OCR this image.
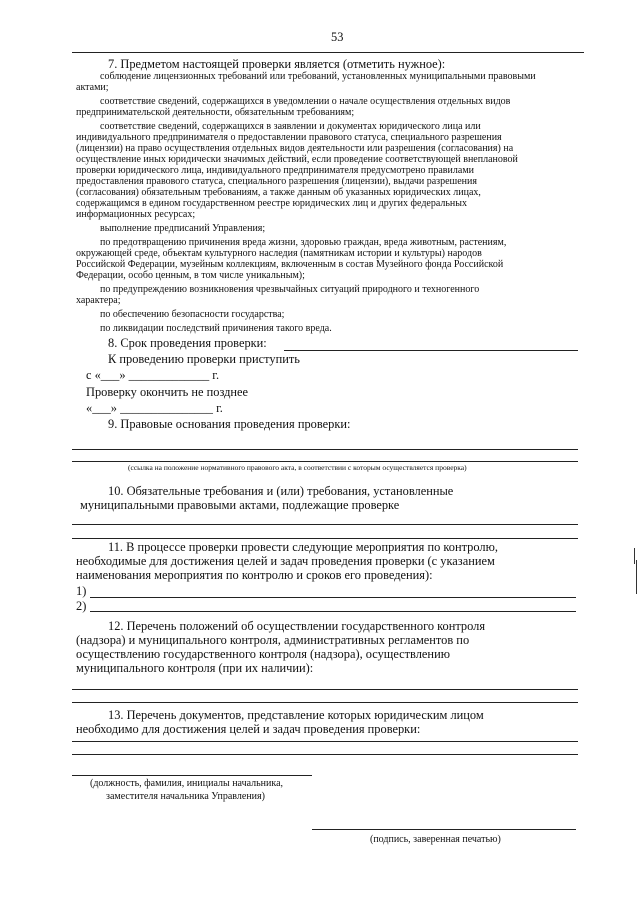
53
7. Предметом настоящей проверки является (отметить нужное):
соблюдение лицензионных требований или требований, установленных муниципальными правовыми
актами;
соответствие сведений, содержащихся в уведомлении о начале осуществления отдельных видов
предпринимательской деятельности, обязательным требованиям;
соответствие сведений, содержащихся в заявлении и документах юридического лица или
индивидуального предпринимателя о предоставлении правового статуса, специального разрешения
(лицензии) на право осуществления отдельных видов деятельности или разрешения (согласования) на
осуществление иных юридически значимых действий, если проведение соответствующей внеплановой
проверки юридического лица, индивидуального предпринимателя предусмотрено правилами
предоставления правового статуса, специального разрешения (лицензии), выдачи разрешения
(согласования) обязательным требованиям, а также данным об указанных юридических лицах,
содержащимся в едином государственном реестре юридических лиц и других федеральных
информационных ресурсах;
выполнение предписаний Управления;
по предотвращению причинения вреда жизни, здоровью граждан, вреда животным, растениям,
окружающей среде, объектам культурного наследия (памятникам истории и культуры) народов
Российской Федерации, музейным коллекциям, включенным в состав Музейного фонда Российской
Федерации, особо ценным, в том числе уникальным);
по предупреждению возникновения чрезвычайных ситуаций природного и техногенного
характера;
по обеспечению безопасности государства;
по ликвидации последствий причинения такого вреда.
8. Срок проведения проверки:
К проведению проверки приступить
с «___» _____________ г.
Проверку окончить не позднее
«___» _______________ г.
9. Правовые основания проведения проверки:
(ссылка на положение нормативного правового акта, в соответствии с которым осуществляется проверка)
10. Обязательные требования и (или) требования, установленные
муниципальными правовыми актами, подлежащие проверке
11. В процессе проверки провести следующие мероприятия по контролю,
необходимые для достижения целей и задач проведения проверки (с указанием
наименования мероприятия по контролю и сроков его проведения):
1)
2)
12. Перечень положений об осуществлении государственного контроля
(надзора) и муниципального контроля, административных регламентов по
осуществлению государственного контроля (надзора), осуществлению
муниципального контроля (при их наличии):
13. Перечень документов, представление которых юридическим лицом
необходимо для достижения целей и задач проведения проверки:
(должность, фамилия, инициалы начальника,
заместителя начальника Управления)
(подпись, заверенная печатью)
